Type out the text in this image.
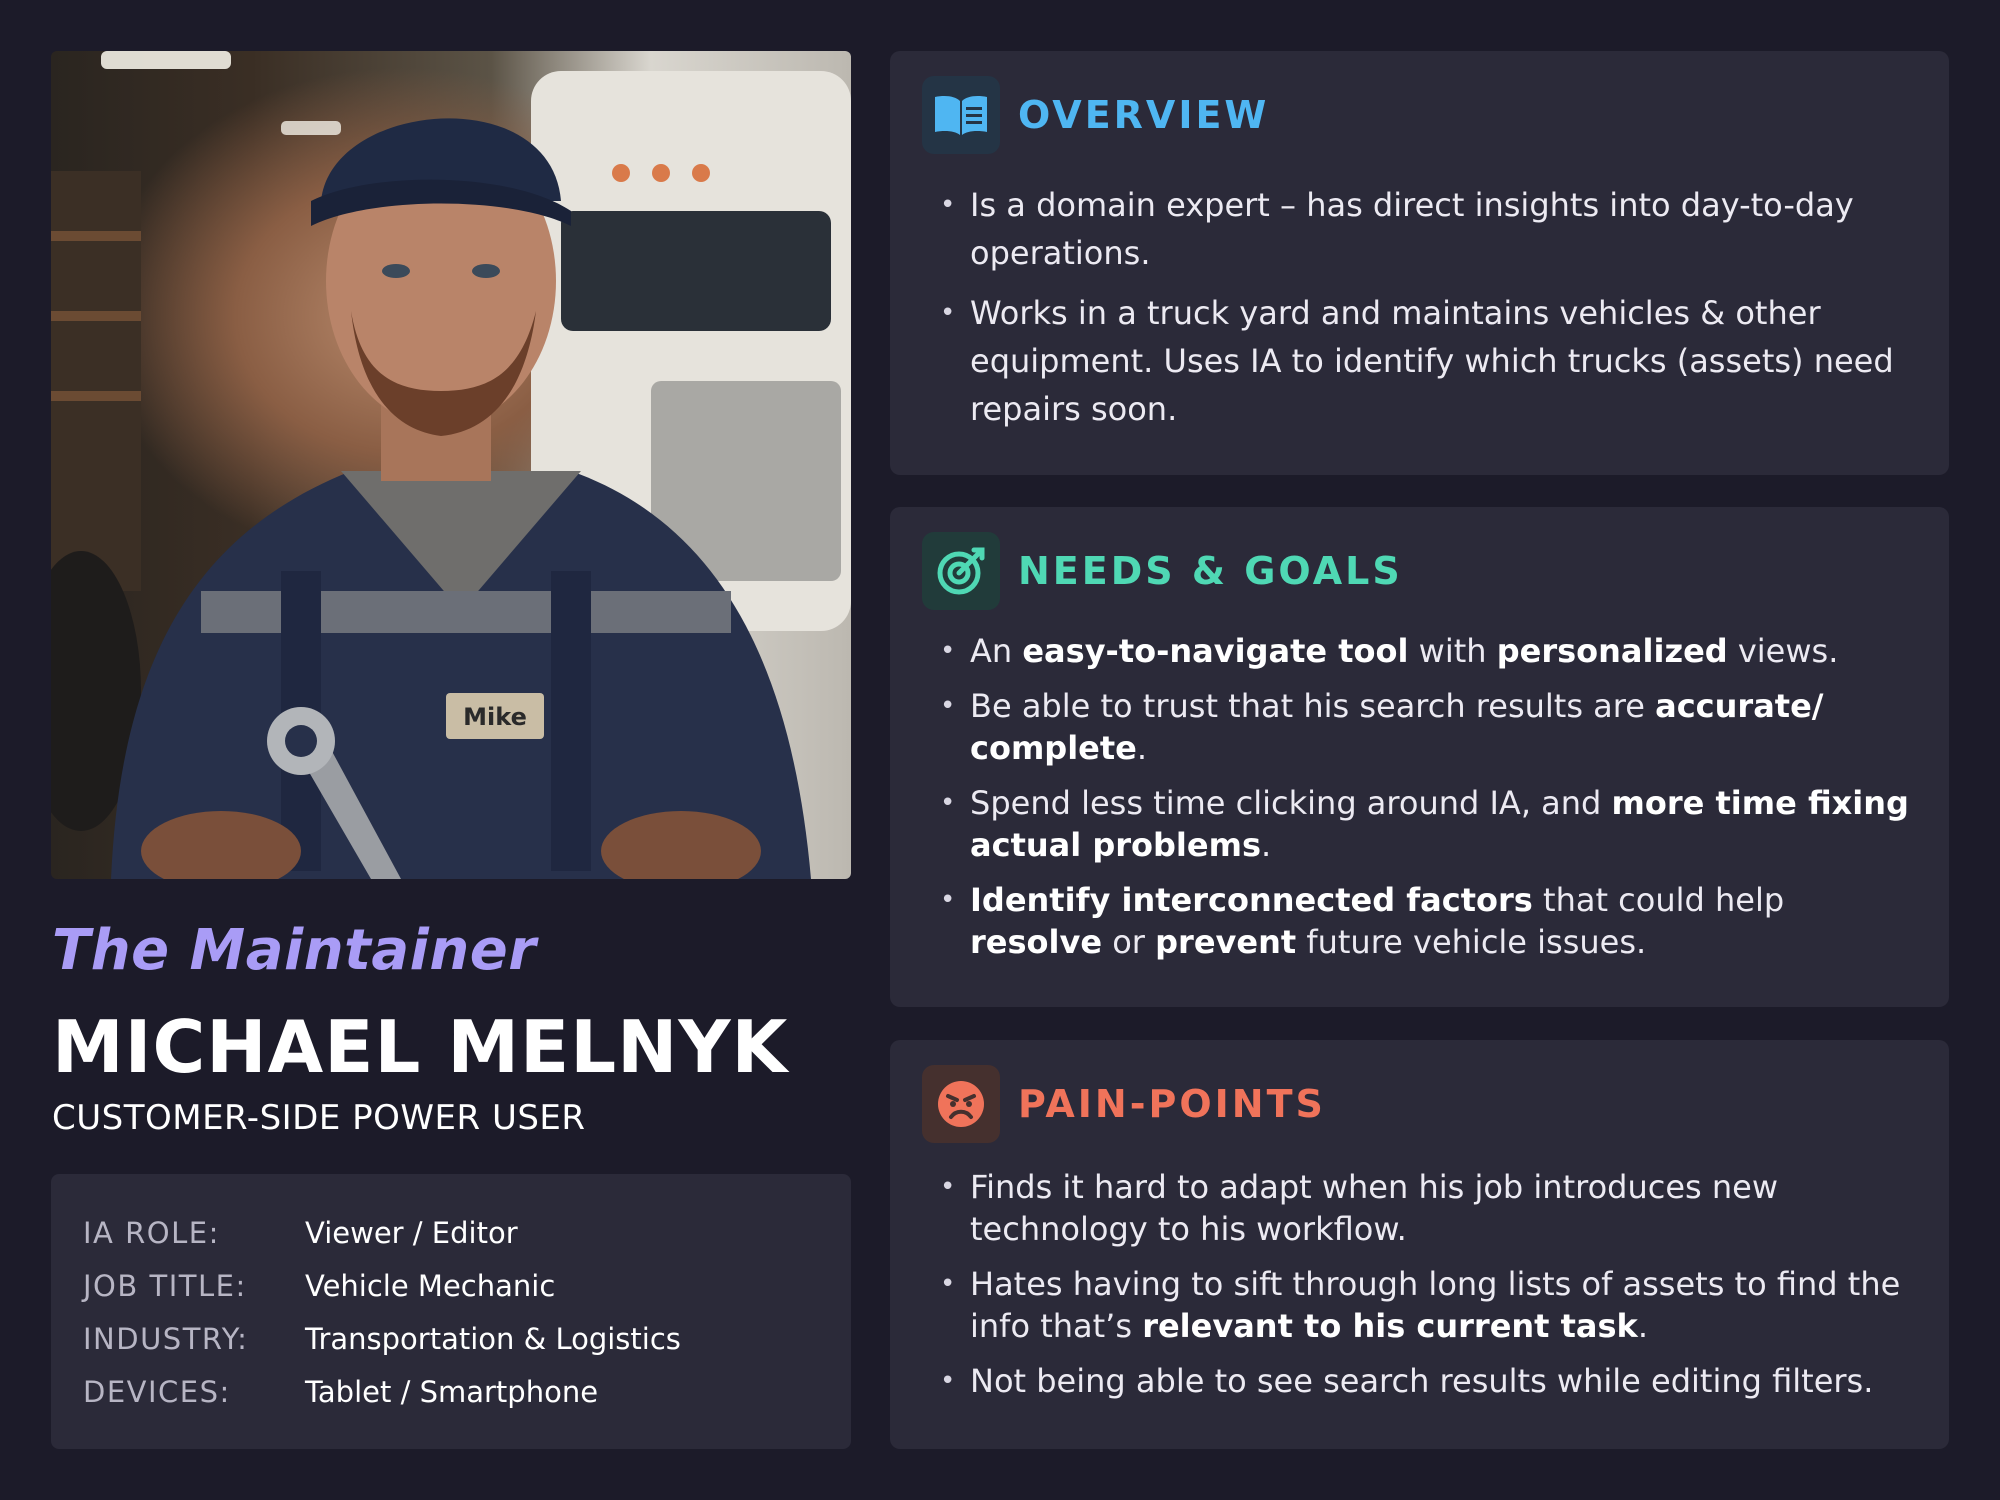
Mike
The Maintainer
MICHAEL MELNYK
CUSTOMER-SIDE POWER USER
IA ROLE:	Viewer / Editor
JOB TITLE: Vehicle Mechanic
INDUSTRY: Transportation & Logistics
DEVICES:	Tablet / Smartphone
OVERVIEW
• Is a domain expert – has direct insights into day-to-day operations.
• Works in a truck yard and maintains vehicles & other equipment. Uses IA to identify which trucks (assets) need repairs soon.
NEEDS & GOALS
• An easy-to-navigate tool with personalized views.
• Be able to trust that his search results are accurate/ complete.
• Spend less time clicking around IA, and more time fixing actual problems.
• Identify interconnected factors that could help resolve or prevent future vehicle issues.
PAIN-POINTS
• Finds it hard to adapt when his job introduces new technology to his workflow.
• Hates having to sift through long lists of assets to find the info that’s relevant to his current task.
• Not being able to see search results while editing filters.
